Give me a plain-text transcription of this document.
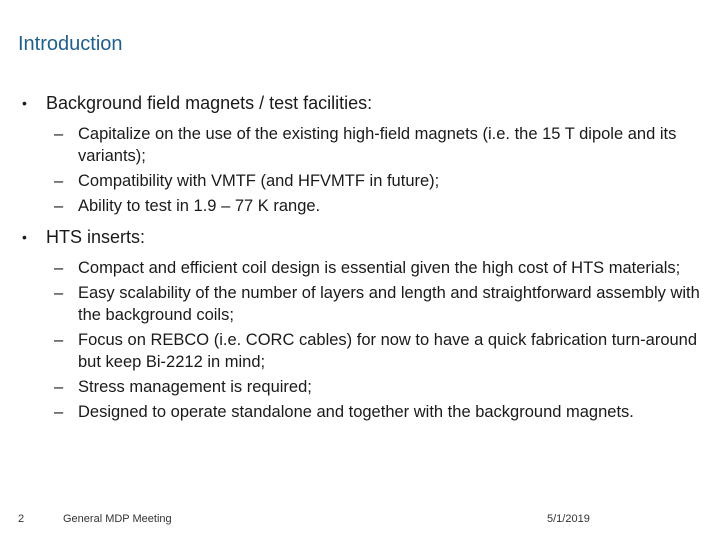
Introduction
• Background field magnets / test facilities:
– Capitalize on the use of the existing high-field magnets (i.e. the 15 T dipole and its variants);
– Compatibility with VMTF (and HFVMTF in future);
– Ability to test in 1.9 – 77 K range.
• HTS inserts:
– Compact and efficient coil design is essential given the high cost of HTS materials;
– Easy scalability of the number of layers and length and straightforward assembly with the background coils;
– Focus on REBCO (i.e. CORC cables) for now to have a quick fabrication turn-around but keep Bi-2212 in mind;
– Stress management is required;
– Designed to operate standalone and together with the background magnets.
2	General MDP Meeting	5/1/2019
